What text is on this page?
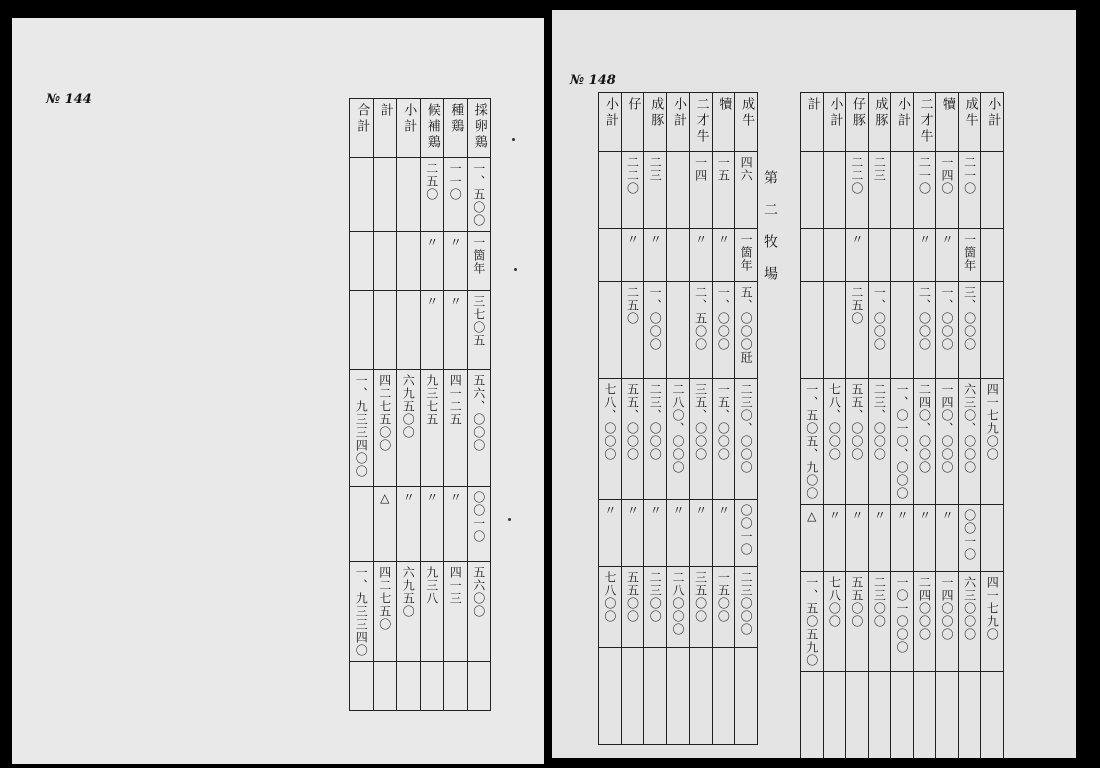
№ 144
合計	計	小計	候補鶏	種鶏	採卵鶏
			二五〇	一一〇	一、五〇〇
			〃	〃	一箇年
			〃	〃	三七〇五
一、九三三四〇〇	四二七五〇〇	六九五〇〇	九三七五	四一二五	五六、〇〇〇
	△	〃	〃	〃	〇〇一〇
一、九三三四〇	四二七五〇	六九五〇	九三八	四一三	五六〇〇

№ 148
第二牧場
小計	仔	成豚	小計	二才牛	犢	成牛
	二二〇	二三		一四	一五	四六
	〃	〃		〃	〃	一箇年
	二五〇	一、〇〇〇		二、五〇〇	一、〇〇〇	五、〇〇〇瓩
七八、〇〇〇	五五、〇〇〇	二三、〇〇〇	二八〇、〇〇〇	三五、〇〇〇	一五、〇〇〇	二三〇、〇〇〇
〃	〃	〃	〃	〃	〃	〇〇一〇
七八〇〇	五五〇〇	二三〇〇	二八〇〇〇	三五〇〇	一五〇〇	二三〇〇〇

計	小計	仔豚	成豚	小計	二才牛	犢	成牛	小計
		二二〇	二三		二一〇	一四〇	二一〇	
		〃			〃	〃	一箇年	
		二五〇	一、〇〇〇		二、〇〇〇	一、〇〇〇	三、〇〇〇	
一、五〇五、九〇〇	七八、〇〇〇	五五、〇〇〇	二三、〇〇〇	一、〇一〇、〇〇〇	二四〇、〇〇〇	一四〇、〇〇〇	六三〇、〇〇〇	四一七九〇〇
△	〃	〃	〃	〃	〃	〃	〇〇一〇	
一、五〇五九〇	七八〇〇	五五〇〇	二三〇〇	一〇一〇〇〇	二四〇〇〇	一四〇〇〇	六三〇〇〇	四一七九〇
